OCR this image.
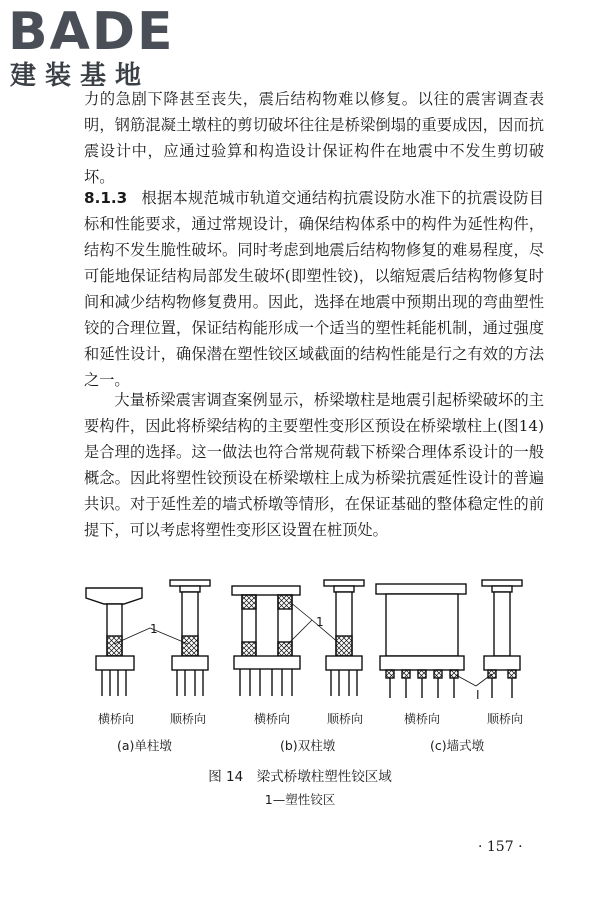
BADE
建装基地

力的急剧下降甚至丧失，震后结构物难以修复。以往的震害调查表明，钢筋混凝土墩柱的剪切破坏往往是桥梁倒塌的重要成因，因而抗震设计中，应通过验算和构造设计保证构件在地震中不发生剪切破坏。

8.1.3 根据本规范城市轨道交通结构抗震设防水准下的抗震设防目标和性能要求，通过常规设计，确保结构体系中的构件为延性构件，结构不发生脆性破坏。同时考虑到地震后结构物修复的难易程度，尽可能地保证结构局部发生破坏(即塑性铰)，以缩短震后结构物修复时间和减少结构物修复费用。因此，选择在地震中预期出现的弯曲塑性铰的合理位置，保证结构能形成一个适当的塑性耗能机制，通过强度和延性设计，确保潜在塑性铰区域截面的结构性能是行之有效的方法之一。

大量桥梁震害调查案例显示，桥梁墩柱是地震引起桥梁破坏的主要构件，因此将桥梁结构的主要塑性变形区预设在桥梁墩柱上(图14)是合理的选择。这一做法也符合常规荷载下桥梁合理体系设计的一般概念。因此将塑性铰预设在桥梁墩柱上成为桥梁抗震延性设计的普遍共识。对于延性差的墙式桥墩等情形，在保证基础的整体稳定性的前提下，可以考虑将塑性变形区设置在桩顶处。

1	1
I
横桥向	顺桥向	横桥向	顺桥向	横桥向	顺桥向
(a)单柱墩	(b)双柱墩	(c)墙式墩
图 14　梁式桥墩柱塑性铰区域
1—塑性铰区
· 157 ·
